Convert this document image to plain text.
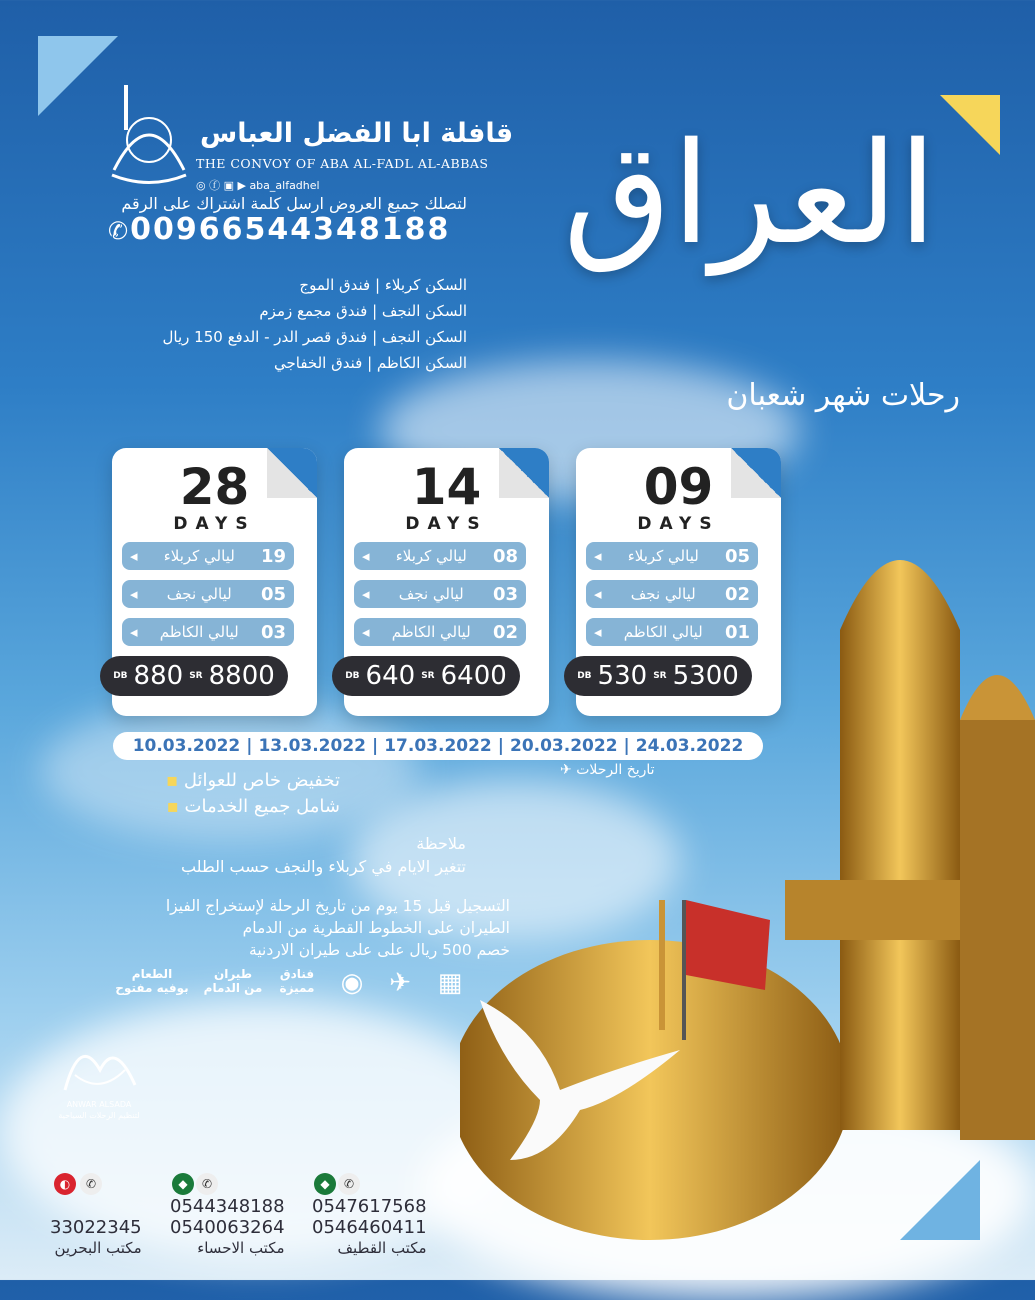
قافلة ابا الفضل العباس
THE CONVOY OF ABA AL-FADL AL-ABBAS
◎ ⓕ ▣ ▶ aba_alfadhel
لتصلك جميع العروض ارسل كلمة اشتراك على الرقم
✆00966544348188
السكن كربلاء | فندق الموج
السكن النجف | فندق مجمع زمزم
السكن النجف | فندق قصر الدر - الدفع 150 ريال
السكن الكاظم | فندق الخفاجي
العراق
رحلات شهر شعبان
28
DAYS
19
ليالي كربلاء
◂
05
ليالي نجف
◂
03
ليالي الكاظم
◂
DB 880 SR 8800
14
DAYS
08
ليالي كربلاء
◂
03
ليالي نجف
◂
02
ليالي الكاظم
◂
DB 640 SR 6400
09
DAYS
05
ليالي كربلاء
◂
02
ليالي نجف
◂
01
ليالي الكاظم
◂
DB 530 SR 5300
10.03.2022 | 13.03.2022 | 17.03.2022 | 20.03.2022 | 24.03.2022
تاريخ الرحلات ✈
تخفيض خاص للعوائل ▪
شامل جميع الخدمات ▪
ملاحظة
تتغير الايام في كربلاء والنجف حسب الطلب
التسجيل قبل 15 يوم من تاريخ الرحلة لإستخراج الفيزا
الطيران على الخطوط القطرية من الدمام
خصم 500 ريال على على طيران الاردنية
الطعام
بوفيه مفتوح
طيران
من الدمام
فنادق
مميزة	◉ ✈ ▦
ANWAR ALSADA
لتنظيم الرحلات السياحية
◐	✆
33022345
مكتب البحرين
◆	✆
0544348188
0540063264
مكتب الاحساء
◆	✆
0547617568
0546460411
مكتب القطيف
